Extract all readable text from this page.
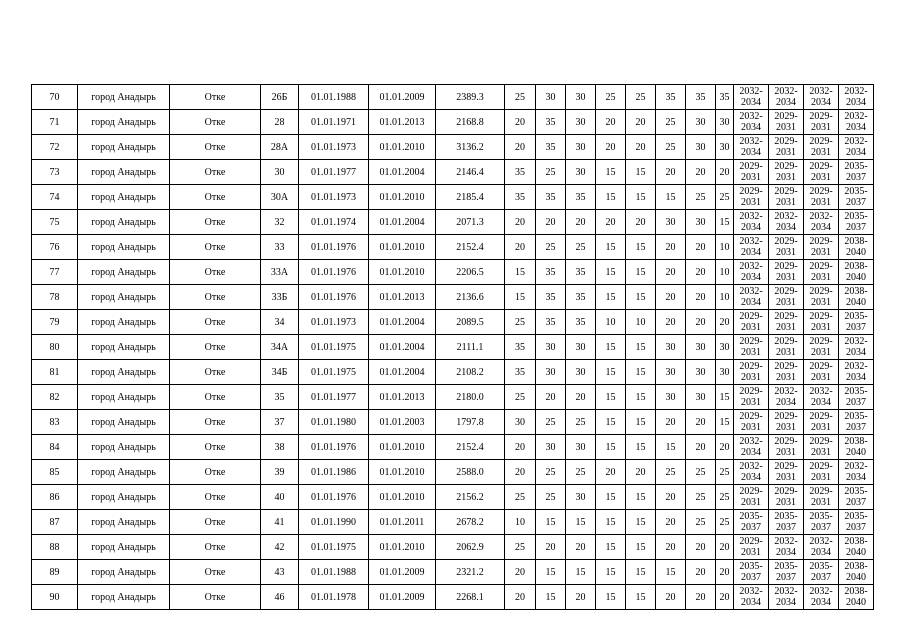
70	город Анадырь	Отке	26Б	01.01.1988	01.01.2009	2389.3	25	30	30	25	25	35	35	35	2032-
2034	2032-
2034	2032-
2034	2032-
2034

71	город Анадырь	Отке	28	01.01.1971	01.01.2013	2168.8	20	35	30	20	20	25	30	30	2032-
2034	2029-
2031	2029-
2031	2032-
2034

72	город Анадырь	Отке	28А	01.01.1973	01.01.2010	3136.2	20	35	30	20	20	25	30	30	2032-
2034	2029-
2031	2029-
2031	2032-
2034

73	город Анадырь	Отке	30	01.01.1977	01.01.2004	2146.4	35	25	30	15	15	20	20	20	2029-
2031	2029-
2031	2029-
2031	2035-
2037

74	город Анадырь	Отке	30А	01.01.1973	01.01.2010	2185.4	35	35	35	15	15	15	25	25	2029-
2031	2029-
2031	2029-
2031	2035-
2037

75	город Анадырь	Отке	32	01.01.1974	01.01.2004	2071.3	20	20	20	20	20	30	30	15	2032-
2034	2032-
2034	2032-
2034	2035-
2037

76	город Анадырь	Отке	33	01.01.1976	01.01.2010	2152.4	20	25	25	15	15	20	20	10	2032-
2034	2029-
2031	2029-
2031	2038-
2040

77	город Анадырь	Отке	33А	01.01.1976	01.01.2010	2206.5	15	35	35	15	15	20	20	10	2032-
2034	2029-
2031	2029-
2031	2038-
2040

78	город Анадырь	Отке	33Б	01.01.1976	01.01.2013	2136.6	15	35	35	15	15	20	20	10	2032-
2034	2029-
2031	2029-
2031	2038-
2040

79	город Анадырь	Отке	34	01.01.1973	01.01.2004	2089.5	25	35	35	10	10	20	20	20	2029-
2031	2029-
2031	2029-
2031	2035-
2037

80	город Анадырь	Отке	34А	01.01.1975	01.01.2004	2111.1	35	30	30	15	15	30	30	30	2029-
2031	2029-
2031	2029-
2031	2032-
2034

81	город Анадырь	Отке	34Б	01.01.1975	01.01.2004	2108.2	35	30	30	15	15	30	30	30	2029-
2031	2029-
2031	2029-
2031	2032-
2034

82	город Анадырь	Отке	35	01.01.1977	01.01.2013	2180.0	25	20	20	15	15	30	30	15	2029-
2031	2032-
2034	2032-
2034	2035-
2037

83	город Анадырь	Отке	37	01.01.1980	01.01.2003	1797.8	30	25	25	15	15	20	20	15	2029-
2031	2029-
2031	2029-
2031	2035-
2037

84	город Анадырь	Отке	38	01.01.1976	01.01.2010	2152.4	20	30	30	15	15	15	20	20	2032-
2034	2029-
2031	2029-
2031	2038-
2040

85	город Анадырь	Отке	39	01.01.1986	01.01.2010	2588.0	20	25	25	20	20	25	25	25	2032-
2034	2029-
2031	2029-
2031	2032-
2034

86	город Анадырь	Отке	40	01.01.1976	01.01.2010	2156.2	25	25	30	15	15	20	25	25	2029-
2031	2029-
2031	2029-
2031	2035-
2037

87	город Анадырь	Отке	41	01.01.1990	01.01.2011	2678.2	10	15	15	15	15	20	25	25	2035-
2037	2035-
2037	2035-
2037	2035-
2037

88	город Анадырь	Отке	42	01.01.1975	01.01.2010	2062.9	25	20	20	15	15	20	20	20	2029-
2031	2032-
2034	2032-
2034	2038-
2040

89	город Анадырь	Отке	43	01.01.1988	01.01.2009	2321.2	20	15	15	15	15	15	20	20	2035-
2037	2035-
2037	2035-
2037	2038-
2040

90	город Анадырь	Отке	46	01.01.1978	01.01.2009	2268.1	20	15	20	15	15	20	20	20	2032-
2034	2032-
2034	2032-
2034	2038-
2040
